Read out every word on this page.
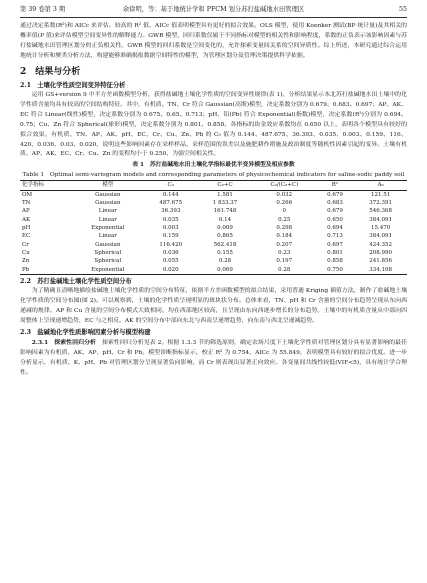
第 39 卷第 3 期	余徐明，等：基于地统计学和 PFCM 划分苏打盐碱地水田管理区	55

通过决定系数(R²)和 AICc 来评估。较高的 R² 值、AICc 值表明模型具有更好的拟合效果。OLS 模型，使用 Koenker 测试(BP 统计量)及其相关的概率值(P 值)来评估模型空间变异性的解释能力。GWR 模型，回归系数仅属于不同指标对模型的相关性和影响程度，系数的正负表示该影响因素与苏打盐碱地水田管理区划分的正负相关性。GWR 模型的回归系数是空间变化的，允许探索变量间关系的空间异质性。综上所述，本研究通过综合运用地统计分析和聚类分析方法，构建能够准确揭报数据空间特性的模型，为管理区划分及管理决策提供科学依据。

2　结果与分析
2.1　土壤化学性质空间变异特征分析

运用 GS+version 9 中半方差函数模型分析，获得盐碱地土壤化学性质的空间变异性规律(表 1)，分析结果显示本北苏打盐碱地水田土壤中的化学性质含量均具有较高的空间结构特征。其中，有机质、TN、Cr 符合 Gaussian(高斯)模型，决定系数分别为 0.679、0.683、0.697；AP、AK、EC 符合 Linear(线性)模型，决定系数分别为 0.675、0.65、0.713；pH、铅(Pb) 符合 Exponential(指数)模型，决定系数(R²)分别为 0.694、0.75；Cu、Zn 符合 Spherical(球形)模型，决定系数分别为 0.801、0.858。各指标的块金效应系数均在 0.650 以上，表明各个模型具有较好的拟合效果。有机质、TN、AP、AK、pH、EC、Cr、Cu、Zn、Pb 的 C₀ 值为 0.144、487.675、36.393、0.035、0.003、0.159、116、420、0.036、0.03、0.020，说明这些影响因素存在采样样品，采样范围的误差以及施肥耕作措施及政治制度等随机性因素引起的变异。土壤有机质、AP、AK、EC、Cr、Cu、Zn 的变程均小于 0.250，为强空间相关性。

表 1　苏打盐碱地水田土壤化学指标最优半变异模型及相应参数
Table 1　Optimal semi-variogram models and corresponding parameters of physicochemical indicators for saline-sodic paddy soil
化学指标	模型	C₀	C₀+C	C₀/(C₀+C)	R²	A₀
OM	Gaussian	0.144	1.581	0.032	0.679	121.51
TN	Gaussian	487.675	1 833.37	0.266	0.683	372.391
AP	Linear	36.393	161.748	0	0.679	546.368
AK	Linear	0.035	0.14	0.25	0.650	384.091
pH	Exponential	0.003	0.009	0.298	0.694	15.470
EC	Linear	0.159	0.865	0.184	0.713	384.091
Cr	Gaussian	116.420	562.418	0.207	0.697	424.352
Cu	Spherical	0.036	0.155	0.23	0.801	208.990
Zn	Spherical	0.055	0.28	0.197	0.858	241.856
Pb	Exponential	0.020	0.069	0.28	0.750	334.108
2.2　苏打盐碱地土壤化学性质空间分布

为了精确且清晰地描绘盐碱地土壤化学性质的空间分布特征，依据半方差函数模型的拟合结果，采用普通 Kriging 插值方法，制作了盐碱地土壤化学性质的空间分布图(图 2)。可以观察到，土壤的化学性质呈现明显的斑块状分布。总体来看，TN、pH 和 Cr 含量的空间分布趋势呈现从东向西递减的规律。AP 和 Cu 含量的空间分布模式大致相同，均在西部地区较高，且呈现由东向西逐步增长的分布趋势。土壤中的有机质含量从中部向四周整体上呈现递增趋势，EC 与之相反。AK 的空间分布中部向东北与西南呈递增趋势，向东南与西北呈递减趋势。

2.3　盐碱地化学性质影响因素分析与模型构建

2.3.1　探索性回归分析　 探索性回归分析见表 2。根据 1.3.3 节的筛选原则，确定农场尺度下土壤化学性质对管理区划分具有显著影响的最佳影响因素为有机质、AK、AP、pH、Cr 和 Pb。模型诊断指标显示，校正 R² 为 0.754、AICc 为 55.849，表明模型具有较好的拟合优度。进一步分析显示，有机质、K、pH、Pb 对管理区划分呈现显著负向影响，而 Cr 则表现出显著正向效应。各变量间共线性较低(VIF<5)，具有统计学合理性。
